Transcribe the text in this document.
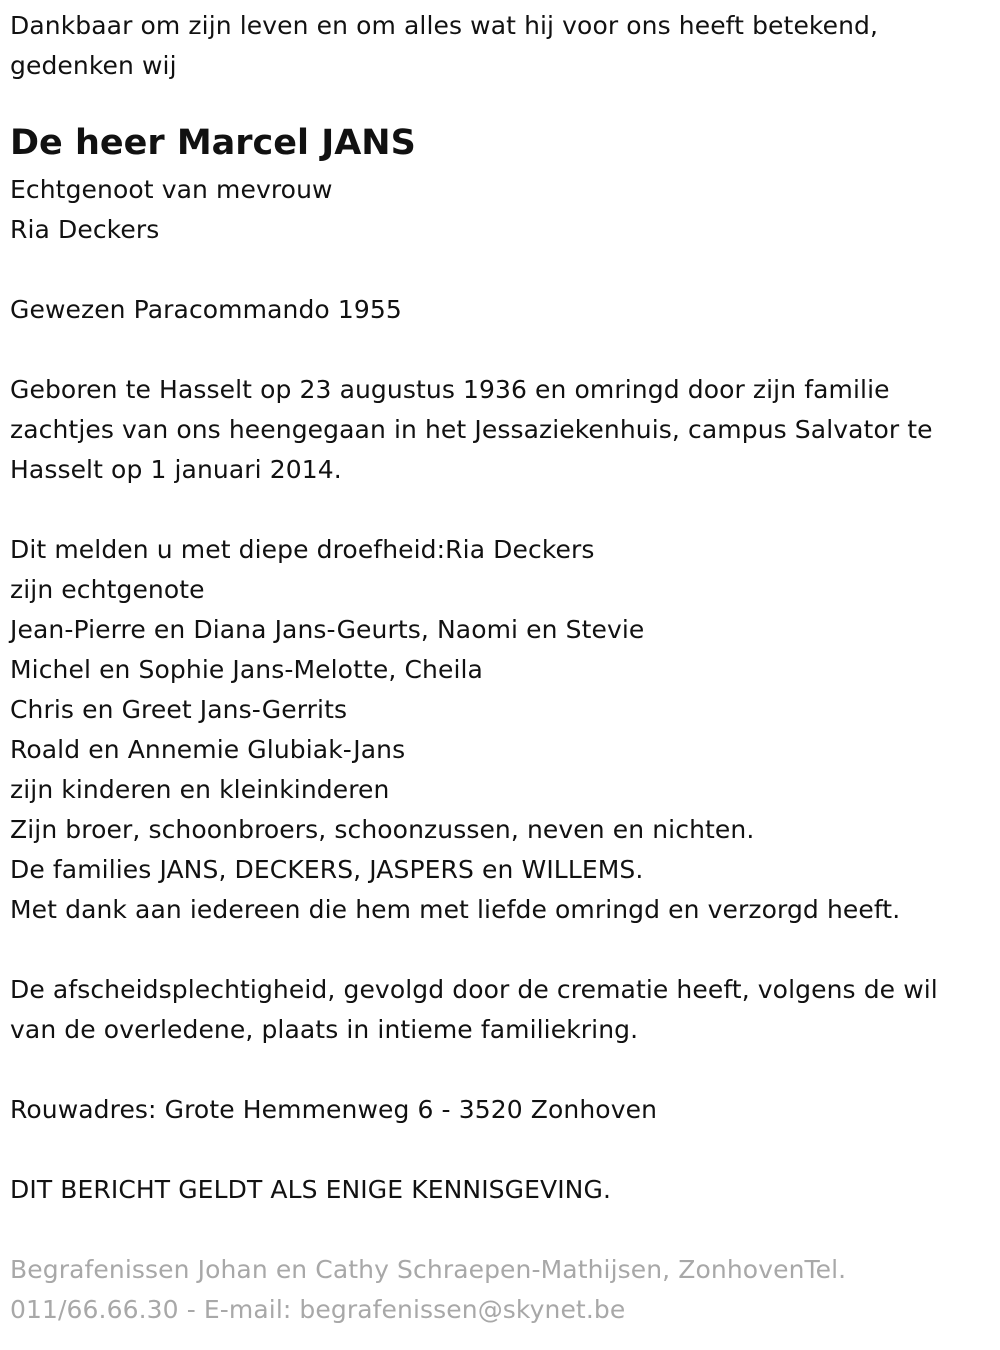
Dankbaar om zijn leven en om alles wat hij voor ons heeft betekend,
gedenken wij
De heer Marcel JANS
Echtgenoot van mevrouw
Ria Deckers
Gewezen Paracommando 1955
Geboren te Hasselt op 23 augustus 1936 en omringd door zijn familie
zachtjes van ons heengegaan in het Jessaziekenhuis, campus Salvator te
Hasselt op 1 januari 2014.
Dit melden u met diepe droefheid:Ria Deckers
zijn echtgenote
Jean-Pierre en Diana Jans-Geurts, Naomi en Stevie
Michel en Sophie Jans-Melotte, Cheila
Chris en Greet Jans-Gerrits
Roald en Annemie Glubiak-Jans
zijn kinderen en kleinkinderen
Zijn broer, schoonbroers, schoonzussen, neven en nichten.
De families JANS, DECKERS, JASPERS en WILLEMS.
Met dank aan iedereen die hem met liefde omringd en verzorgd heeft.
De afscheidsplechtigheid, gevolgd door de crematie heeft, volgens de wil
van de overledene, plaats in intieme familiekring.
Rouwadres: Grote Hemmenweg 6 - 3520 Zonhoven
DIT BERICHT GELDT ALS ENIGE KENNISGEVING.
Begrafenissen Johan en Cathy Schraepen-Mathijsen, ZonhovenTel.
011/66.66.30 - E-mail: begrafenissen@skynet.be
